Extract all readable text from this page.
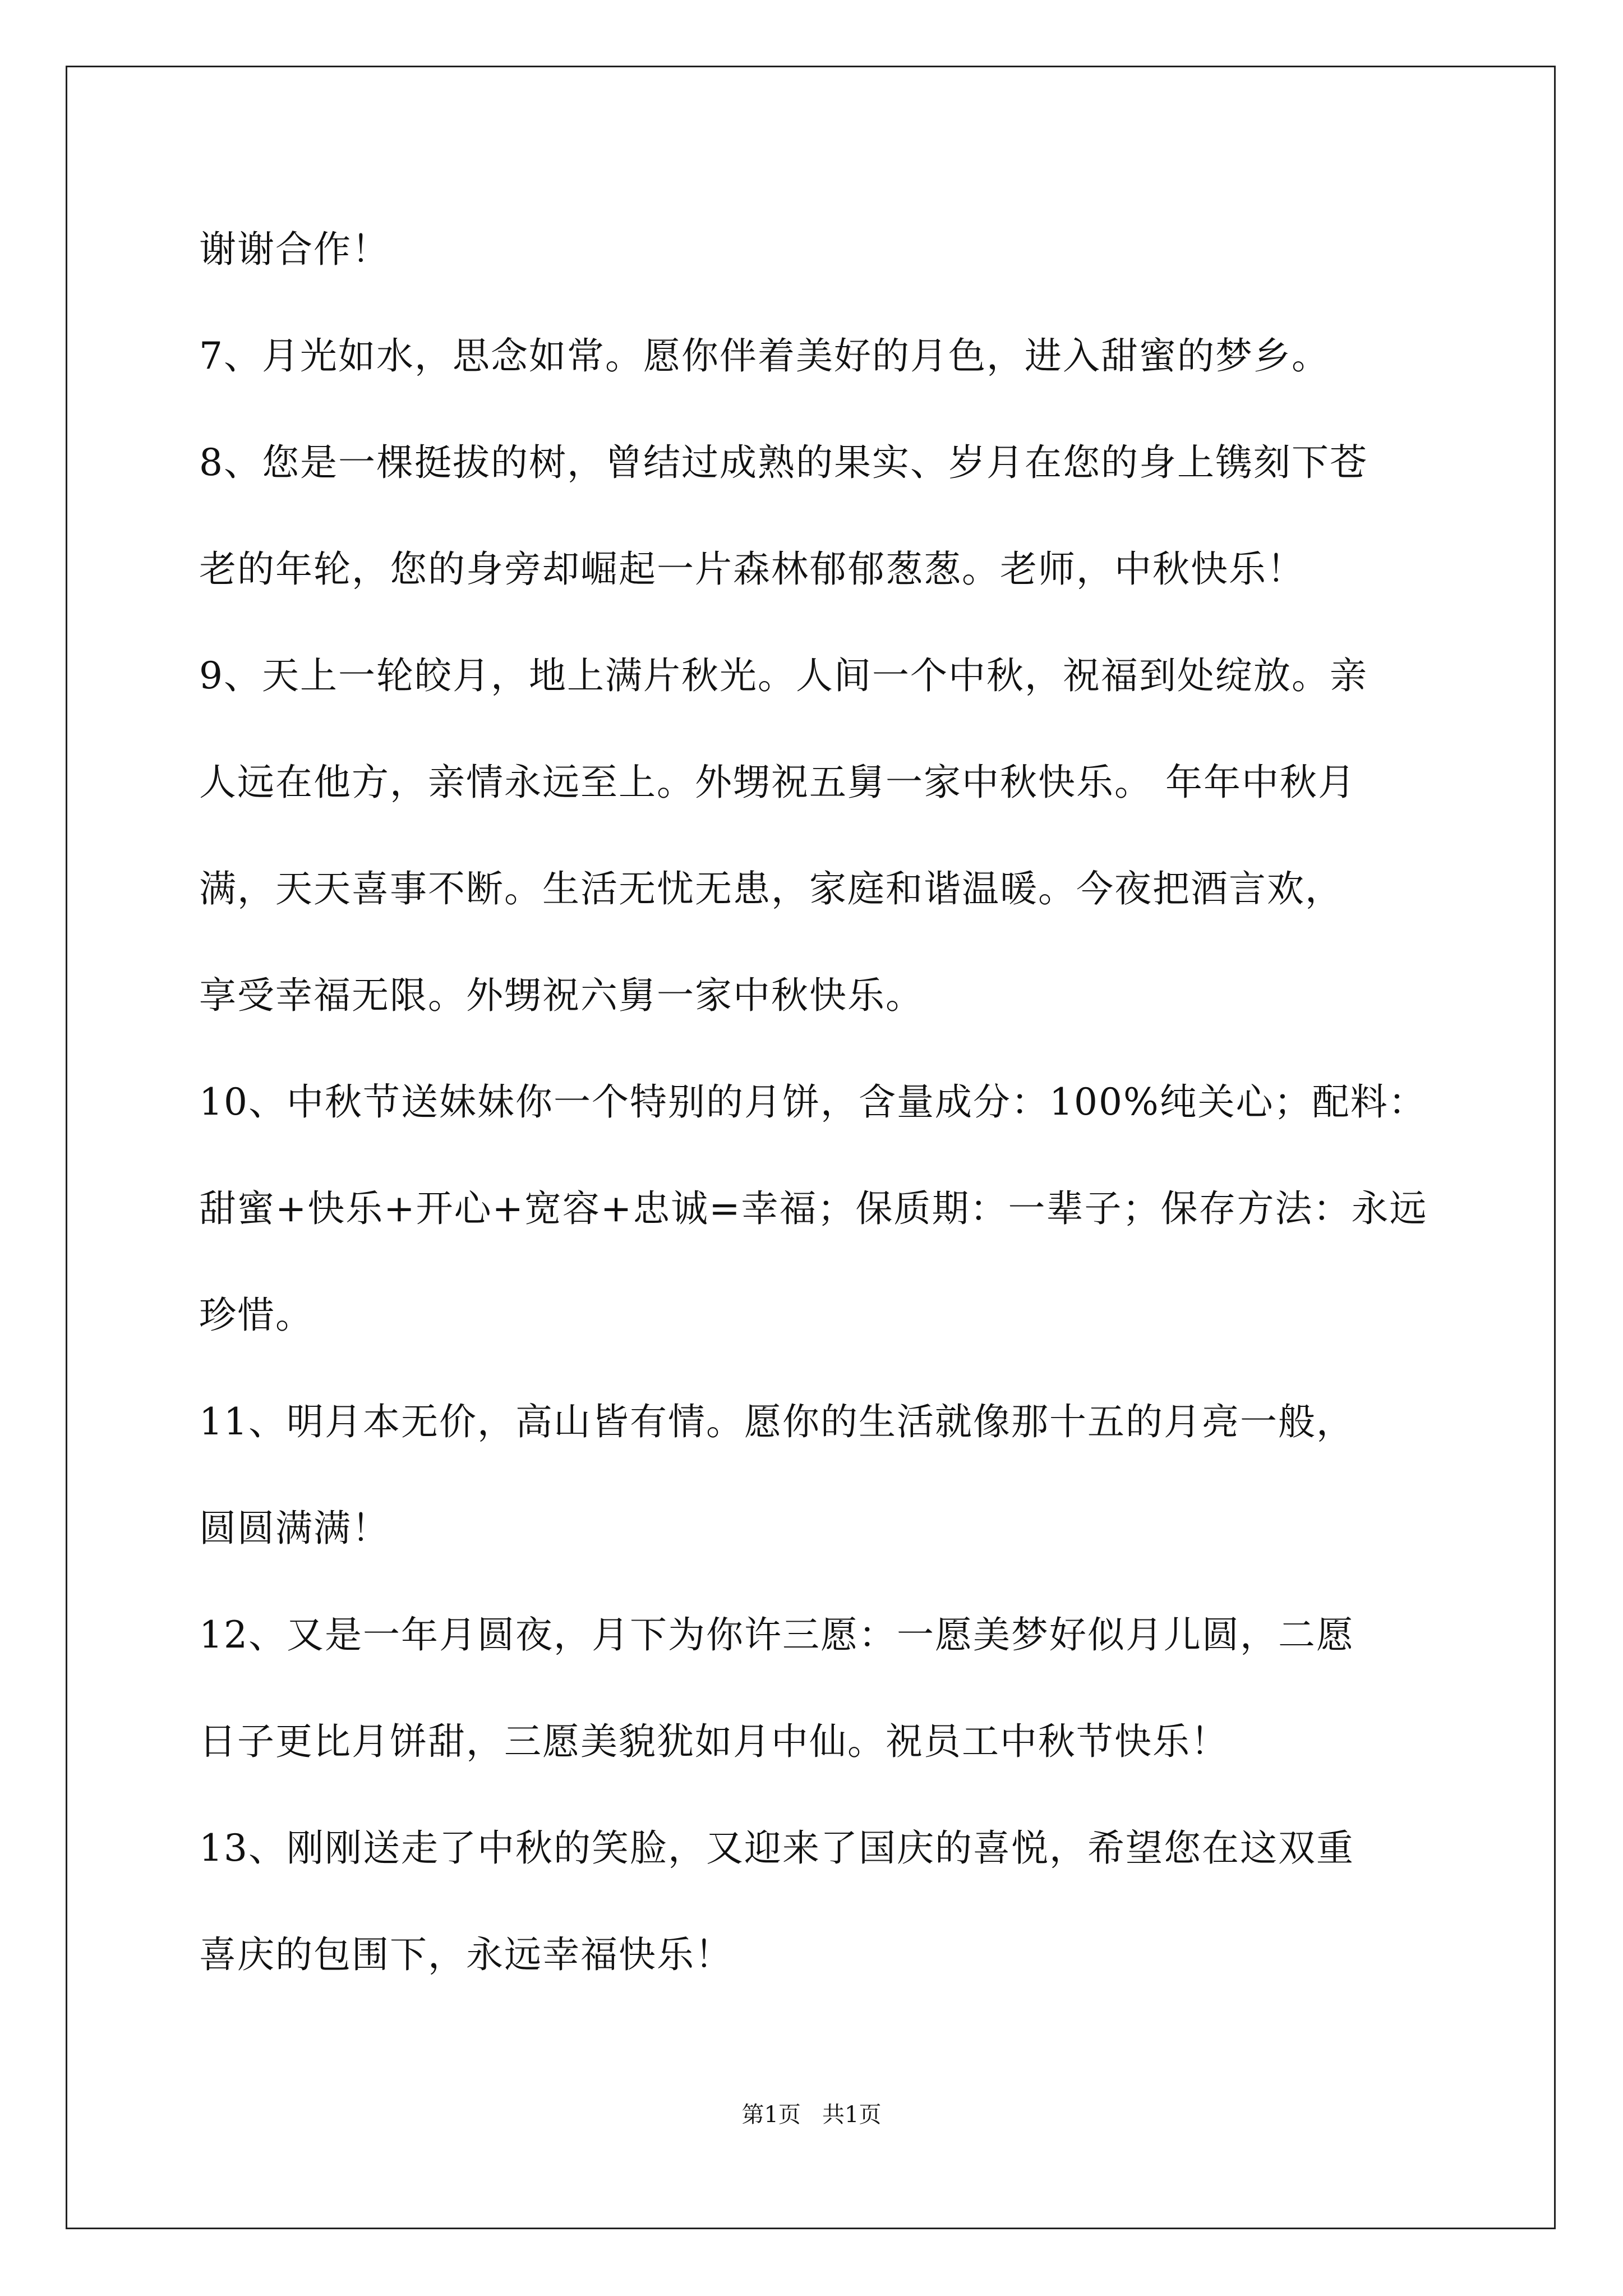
谢谢合作！
7、月光如水，思念如常。愿你伴着美好的月色，进入甜蜜的梦乡。
8、您是一棵挺拔的树，曾结过成熟的果实、岁月在您的身上镌刻下苍
老的年轮，您的身旁却崛起一片森林郁郁葱葱。老师，中秋快乐！
9、天上一轮皎月，地上满片秋光。人间一个中秋，祝福到处绽放。亲
人远在他方，亲情永远至上。外甥祝五舅一家中秋快乐。 年年中秋月
满，天天喜事不断。生活无忧无患，家庭和谐温暖。今夜把酒言欢，
享受幸福无限。外甥祝六舅一家中秋快乐。
10、中秋节送妹妹你一个特别的月饼，含量成分：100%纯关心；配料：
甜蜜+快乐+开心+宽容+忠诚=幸福；保质期：一辈子；保存方法：永远
珍惜。
11、明月本无价，高山皆有情。愿你的生活就像那十五的月亮一般，
圆圆满满！
12、又是一年月圆夜，月下为你许三愿：一愿美梦好似月儿圆，二愿
日子更比月饼甜，三愿美貌犹如月中仙。祝员工中秋节快乐！
13、刚刚送走了中秋的笑脸，又迎来了国庆的喜悦，希望您在这双重
喜庆的包围下，永远幸福快乐！
第1页   共1页
